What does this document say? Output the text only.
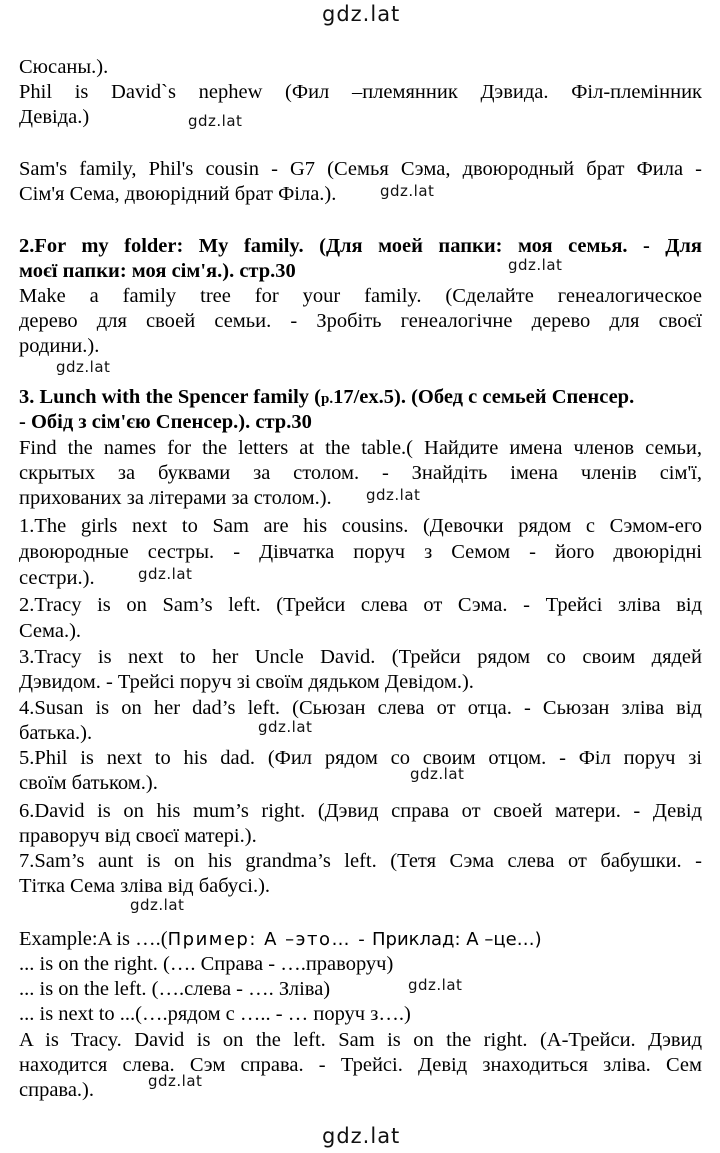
gdz.lat
Сюсаны.).
Phil is David`s nephew (Фил –племянник Дэвида. Філ-племінник
Девіда.)	gdz.lat
Sam's family, Phil's cousin - G7 (Семья Сэма, двоюродный брат Фила -
Сім'я Сема, двоюрідний брат Філа.).	gdz.lat
2.For my folder: My family. (Для моей папки: моя семья. - Для
моєї папки: моя сім'я.). стр.30	gdz.lat
Make a family tree for your family. (Сделайте генеалогическое
дерево для своей семьи. - Зробіть генеалогічне дерево для своєї
родини.).
gdz.lat
3. Lunch with the Spencer family (р.17/ex.5). (Обед с семьей Спенсер.
- Обід з сім'єю Спенсер.). стр.30
Find the names for the letters at the table.( Найдите имена членов семьи,
скрытых за буквами за столом. - Знайдіть імена членів сім'ї,
прихованих за літерами за столом.). gdz.lat
1.The girls next to Sam are his cousins. (Девочки рядом с Сэмом-его
двоюродные сестры. - Дівчатка поруч з Семом - його двоюрідні
сестри.).	gdz.lat
2.Tracy is on Sam’s left. (Трейси слева от Сэма. - Трейсі зліва від
Сема.).
3.Tracy is next to her Uncle David. (Трейси рядом со своим дядей
Дэвидом. - Трейсі поруч зі своїм дядьком Девідом.).
4.Susan is on her dad’s left. (Сьюзан слева от отца. - Сьюзан зліва від
батька.).	gdz.lat
5.Phil is next to his dad. (Фил рядом со своим отцом. - Філ поруч зі
своїм батьком.).	gdz.lat
6.David is on his mum’s right. (Дэвид справа от своей матери. - Девід
праворуч від своєї матері.).
7.Sam’s aunt is on his grandma’s left. (Тетя Сэма слева от бабушки. -
Тітка Сема зліва від бабусі.).
gdz.lat
Example:A is ….(Пример: А –это… - Приклад: А –це…)
... is on the right. (…. Справа - ….праворуч)
... is on the left. (….слева - …. Зліва)	gdz.lat
... is next to ...(….рядом с ….. - … поруч з….)
A is Tracy. David is on the left. Sam is on the right. (А-Трейси. Дэвид
находится слева. Сэм справа. - Трейсі. Девід знаходиться зліва. Сем
справа.).	gdz.lat
gdz.lat
